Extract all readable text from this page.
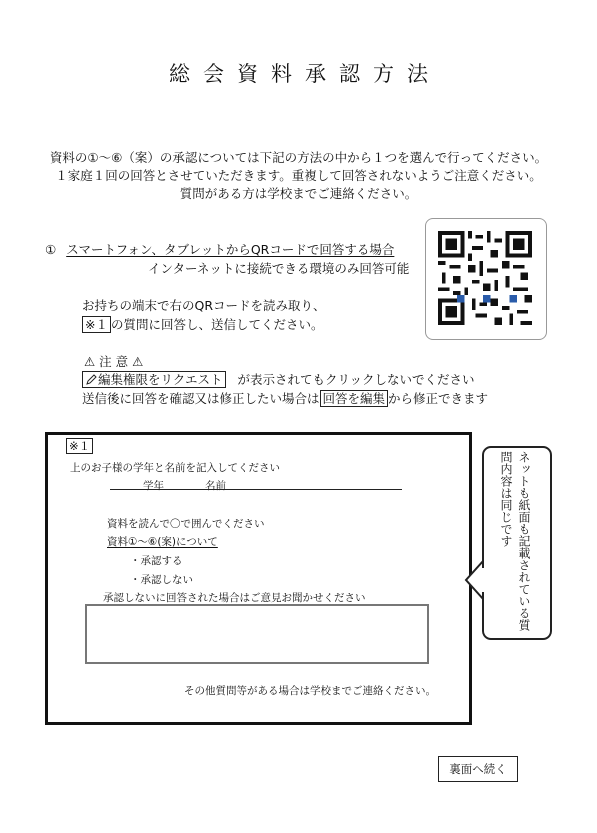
総会資料承認方法
資料の①～⑥（案）の承認については下記の方法の中から１つを選んで行ってください。
１家庭１回の回答とさせていただきます。重複して回答されないようご注意ください。
質問がある方は学校までご連絡ください。
① スマートフォン、タブレットからQRコードで回答する場合
インターネットに接続できる環境のみ回答可能
お持ちの端末で右のQRコードを読み取り、
※１ の質問に回答し、送信してください。
⚠ 注 意 ⚠
編集権限をリクエスト が表示されてもクリックしないでください
送信後に回答を確認又は修正したい場合は 回答を編集 から修正できます
※１
上のお子様の学年と名前を記入してください
学年	名前
資料を読んで〇で囲んでください
資料①～⑥(案)について
・承認する
・承認しない
承認しないに回答された場合はご意見お聞かせください
その他質問等がある場合は学校までご連絡ください。
ネットも紙面も記載されている質問内容は同じです
裏面へ続く
